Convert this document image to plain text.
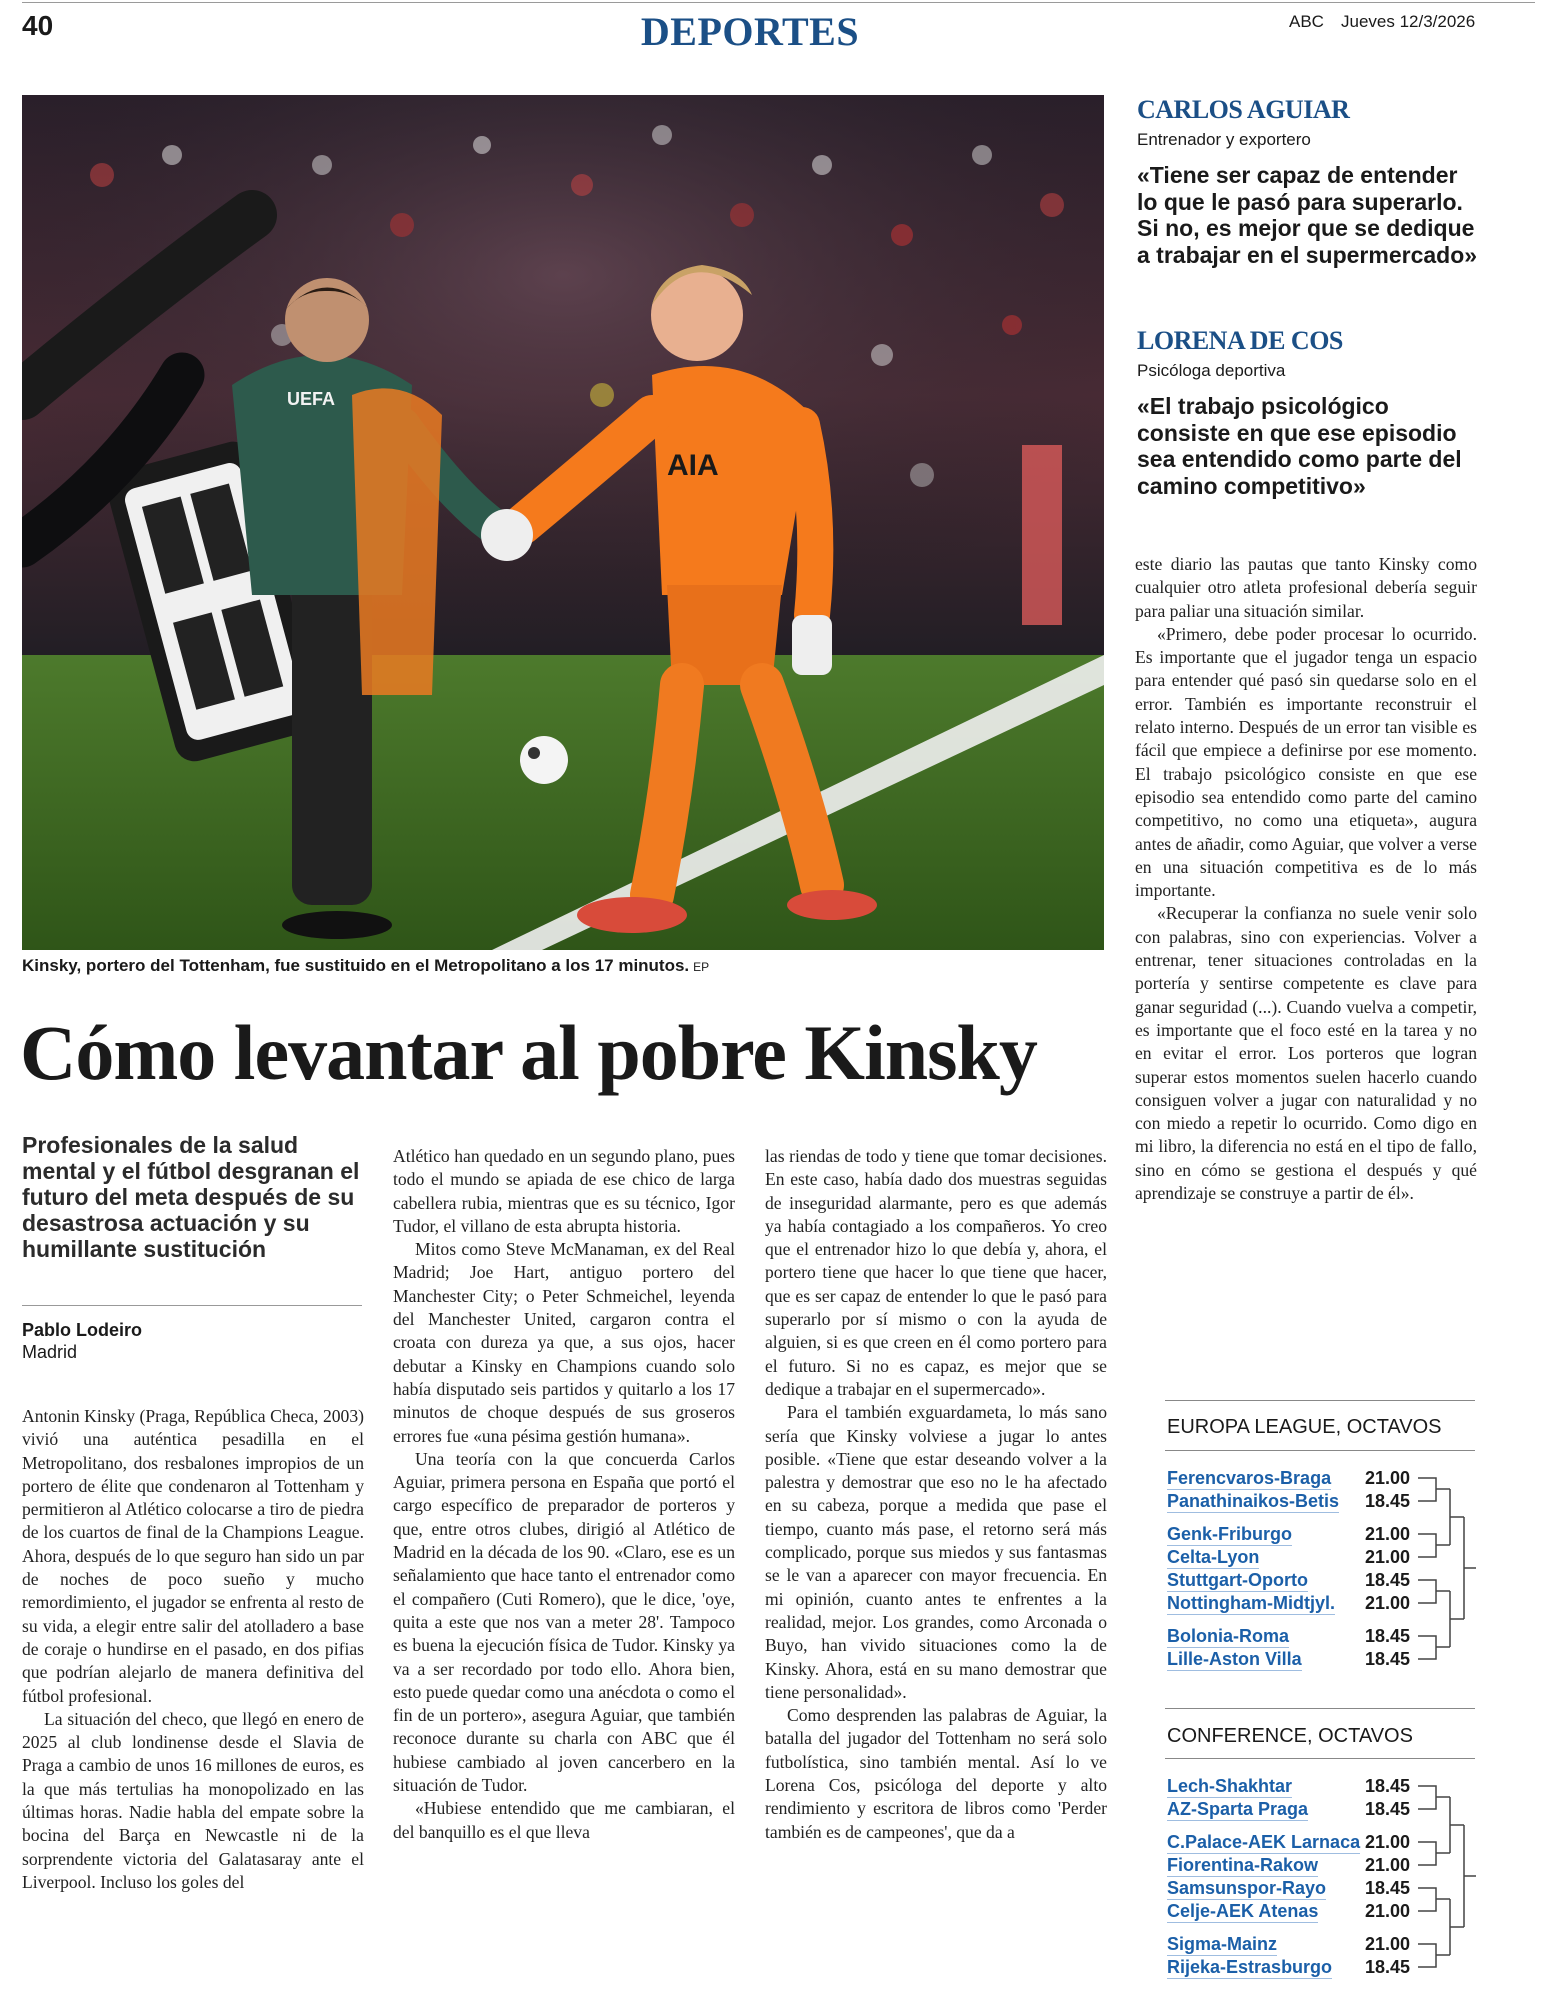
40	DEPORTES	ABC Jueves 12/3/2026
UEFA
AIA
Kinsky, portero del Tottenham, fue sustituido en el Metropolitano a los 17 minutos. EP
Cómo levantar al pobre Kinsky
Profesionales de la salud mental y el fútbol desgranan el futuro del meta después de su desastrosa actuación y su humillante sustitución
Pablo Lodeiro
Madrid

Antonin Kinsky (Praga, República Checa, 2003) vivió una auténtica pesadilla en el Metropolitano, dos resbalones impropios de un portero de élite que condenaron al Tottenham y permitieron al Atlético colocarse a tiro de piedra de los cuartos de final de la Champions League. Ahora, después de lo que seguro han sido un par de noches de poco sueño y mucho remordimiento, el jugador se enfrenta al resto de su vida, a elegir entre salir del atolladero a base de coraje o hundirse en el pasado, en dos pifias que podrían alejarlo de manera definitiva del fútbol profesional.

La situación del checo, que llegó en enero de 2025 al club londinense desde el Slavia de Praga a cambio de unos 16 millones de euros, es la que más tertulias ha monopolizado en las últimas horas. Nadie habla del empate sobre la bocina del Barça en Newcastle ni de la sorprendente victoria del Galatasaray ante el Liverpool. Incluso los goles del

Atlético han quedado en un segundo plano, pues todo el mundo se apiada de ese chico de larga cabellera rubia, mientras que es su técnico, Igor Tudor, el villano de esta abrupta historia.

Mitos como Steve McManaman, ex del Real Madrid; Joe Hart, antiguo portero del Manchester City; o Peter Schmeichel, leyenda del Manchester United, cargaron contra el croata con dureza ya que, a sus ojos, hacer debutar a Kinsky en Champions cuando solo había disputado seis partidos y quitarlo a los 17 minutos de choque después de sus groseros errores fue «una pésima gestión humana».

Una teoría con la que concuerda Carlos Aguiar, primera persona en España que portó el cargo específico de preparador de porteros y que, entre otros clubes, dirigió al Atlético de Madrid en la década de los 90. «Claro, ese es un señalamiento que hace tanto el entrenador como el compañero (Cuti Romero), que le dice, 'oye, quita a este que nos van a meter 28'. Tampoco es buena la ejecución física de Tudor. Kinsky ya va a ser recordado por todo ello. Ahora bien, esto puede quedar como una anécdota o como el fin de un portero», asegura Aguiar, que también reconoce durante su charla con ABC que él hubiese cambiado al joven cancerbero en la situación de Tudor.

«Hubiese entendido que me cambiaran, el del banquillo es el que lleva

las riendas de todo y tiene que tomar decisiones. En este caso, había dado dos muestras seguidas de inseguridad alarmante, pero es que además ya había contagiado a los compañeros. Yo creo que el entrenador hizo lo que debía y, ahora, el portero tiene que hacer lo que tiene que hacer, que es ser capaz de entender lo que le pasó para superarlo por sí mismo o con la ayuda de alguien, si es que creen en él como portero para el futuro. Si no es capaz, es mejor que se dedique a trabajar en el supermercado».

Para el también exguardameta, lo más sano sería que Kinsky volviese a jugar lo antes posible. «Tiene que estar deseando volver a la palestra y demostrar que eso no le ha afectado en su cabeza, porque a medida que pase el tiempo, cuanto más pase, el retorno será más complicado, porque sus miedos y sus fantasmas se le van a aparecer con mayor frecuencia. En mi opinión, cuanto antes te enfrentes a la realidad, mejor. Los grandes, como Arconada o Buyo, han vivido situaciones como la de Kinsky. Ahora, está en su mano demostrar que tiene personalidad».

Como desprenden las palabras de Aguiar, la batalla del jugador del Tottenham no será solo futbolística, sino también mental. Así lo ve Lorena Cos, psicóloga del deporte y alto rendimiento y escritora de libros como 'Perder también es de campeones', que da a

este diario las pautas que tanto Kinsky como cualquier otro atleta profesional debería seguir para paliar una situación similar.

«Primero, debe poder procesar lo ocurrido. Es importante que el jugador tenga un espacio para entender qué pasó sin quedarse solo en el error. También es importante reconstruir el relato interno. Después de un error tan visible es fácil que empiece a definirse por ese momento. El trabajo psicológico consiste en que ese episodio sea entendido como parte del camino competitivo, no como una etiqueta», augura antes de añadir, como Aguiar, que volver a verse en una situación competitiva es de lo más importante.

«Recuperar la confianza no suele venir solo con palabras, sino con experiencias. Volver a entrenar, tener situaciones controladas en la portería y sentirse competente es clave para ganar seguridad (...). Cuando vuelva a competir, es importante que el foco esté en la tarea y no en evitar el error. Los porteros que logran superar estos momentos suelen hacerlo cuando consiguen volver a jugar con naturalidad y no con miedo a repetir lo ocurrido. Como digo en mi libro, la diferencia no está en el tipo de fallo, sino en cómo se gestiona el después y qué aprendizaje se construye a partir de él».

CARLOS AGUIAR
Entrenador y exportero
«Tiene ser capaz de entender lo que le pasó para superarlo. Si no, es mejor que se dedique a trabajar en el supermercado»
LORENA DE COS
Psicóloga deportiva
«El trabajo psicológico consiste en que ese episodio sea entendido como parte del camino competitivo»
EUROPA LEAGUE, OCTAVOS
Ferencvaros-Braga 21.00
Panathinaikos-Betis 18.45
Genk-Friburgo	21.00
Celta-Lyon	21.00
Stuttgart-Oporto	18.45
Nottingham-Midtjyl. 21.00
Bolonia-Roma	18.45
Lille-Aston Villa	18.45
CONFERENCE, OCTAVOS
Lech-Shakhtar	18.45
AZ-Sparta Praga	18.45
C.Palace-AEK Larnaca 21.00
Fiorentina-Rakow	21.00
Samsunspor-Rayo 18.45
Celje-AEK Atenas	21.00
Sigma-Mainz	21.00
Rijeka-Estrasburgo 18.45
